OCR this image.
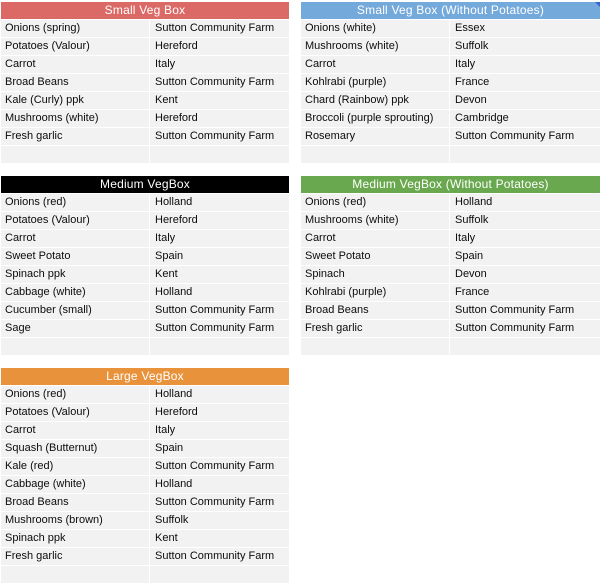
Small Veg Box
Onions (spring)	Sutton Community Farm
Potatoes (Valour)	Hereford
Carrot	Italy
Broad Beans	Sutton Community Farm
Kale (Curly) ppk	Kent
Mushrooms (white)	Hereford
Fresh garlic	Sutton Community Farm
Small Veg Box (Without Potatoes)
Onions (white)	Essex
Mushrooms (white)	Suffolk
Carrot	Italy
Kohlrabi (purple)	France
Chard (Rainbow) ppk	Devon
Broccoli (purple sprouting)	Cambridge
Rosemary	Sutton Community Farm
Medium VegBox
Onions (red)	Holland
Potatoes (Valour)	Hereford
Carrot	Italy
Sweet Potato	Spain
Spinach ppk	Kent
Cabbage (white)	Holland
Cucumber (small)	Sutton Community Farm
Sage	Sutton Community Farm
Medium VegBox (Without Potatoes)
Onions (red)	Holland
Mushrooms (white)	Suffolk
Carrot	Italy
Sweet Potato	Spain
Spinach	Devon
Kohlrabi (purple)	France
Broad Beans	Sutton Community Farm
Fresh garlic	Sutton Community Farm
Large VegBox
Onions (red)	Holland
Potatoes (Valour)	Hereford
Carrot	Italy
Squash (Butternut)	Spain
Kale (red)	Sutton Community Farm
Cabbage (white)	Holland
Broad Beans	Sutton Community Farm
Mushrooms (brown)	Suffolk
Spinach ppk	Kent
Fresh garlic	Sutton Community Farm
